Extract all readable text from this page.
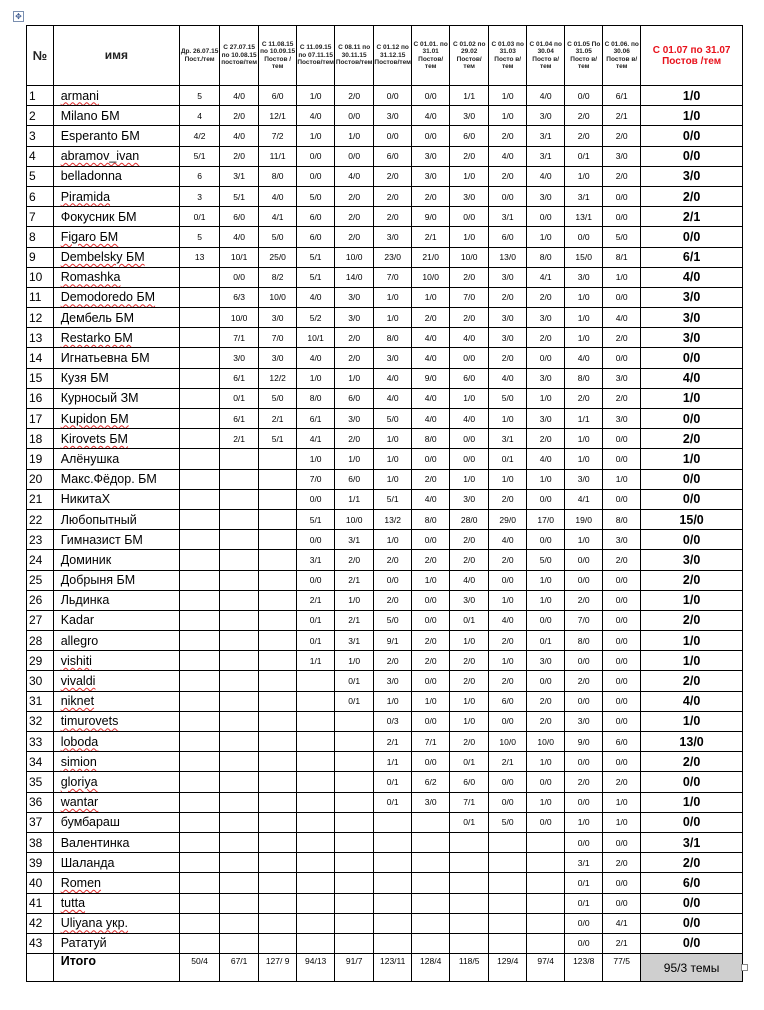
✥
№	имя	Др. 26.07.15 Пост./тем	С 27.07.15 по 10.08.15 постов/тем	С 11.08.15 по 10.09.15 Постов /тем	С 11.09.15 по 07.11.15 Постов/тем	С 08.11 по 30.11.15 Постов/тем	С 01.12 по 31.12.15 Постов/тем	С 01.01. по 31.01 Постов/ тем	С 01.02 по 29.02 Постов/ тем	С 01.03 по 31.03 Посто в/тем	С 01.04 по 30.04 Посто в/тем	С 01.05 По 31.05 Посто в/тем	С 01.06. по 30.06 Постов в/тем	С 01.07 по 31.07 Постов /тем
1	armani	5	4/0	6/0	1/0	2/0	0/0	0/0	1/1	1/0	4/0	0/0	6/1	1/0
2	Milano БМ	4	2/0	12/1	4/0	0/0	3/0	4/0	3/0	1/0	3/0	2/0	2/1	1/0
3	Esperanto БМ	4/2	4/0	7/2	1/0	1/0	0/0	0/0	6/0	2/0	3/1	2/0	2/0	0/0
4	abramov_ivan	5/1	2/0	11/1	0/0	0/0	6/0	3/0	2/0	4/0	3/1	0/1	3/0	0/0
5	belladonna	6	3/1	8/0	0/0	4/0	2/0	3/0	1/0	2/0	4/0	1/0	2/0	3/0
6	Piramida	3	5/1	4/0	5/0	2/0	2/0	2/0	3/0	0/0	3/0	3/1	0/0	2/0
7	Фокусник БМ	0/1	6/0	4/1	6/0	2/0	2/0	9/0	0/0	3/1	0/0	13/1	0/0	2/1
8	Figaro БМ	5	4/0	5/0	6/0	2/0	3/0	2/1	1/0	6/0	1/0	0/0	5/0	0/0
9	Dembelsky БМ	13	10/1	25/0	5/1	10/0	23/0	21/0	10/0	13/0	8/0	15/0	8/1	6/1
10	Romashka		0/0	8/2	5/1	14/0	7/0	10/0	2/0	3/0	4/1	3/0	1/0	4/0
11	Demodoredo БМ		6/3	10/0	4/0	3/0	1/0	1/0	7/0	2/0	2/0	1/0	0/0	3/0
12	Дембель БМ		10/0	3/0	5/2	3/0	1/0	2/0	2/0	3/0	3/0	1/0	4/0	3/0
13	Restarko БМ		7/1	7/0	10/1	2/0	8/0	4/0	4/0	3/0	2/0	1/0	2/0	3/0
14	Игнатьевна БМ		3/0	3/0	4/0	2/0	3/0	4/0	0/0	2/0	0/0	4/0	0/0	0/0
15	Кузя БМ		6/1	12/2	1/0	1/0	4/0	9/0	6/0	4/0	3/0	8/0	3/0	4/0
16	Курносый ЗМ		0/1	5/0	8/0	6/0	4/0	4/0	1/0	5/0	1/0	2/0	2/0	1/0
17	Kupidon БМ		6/1	2/1	6/1	3/0	5/0	4/0	4/0	1/0	3/0	1/1	3/0	0/0
18	Kirovets БМ		2/1	5/1	4/1	2/0	1/0	8/0	0/0	3/1	2/0	1/0	0/0	2/0
19	Алёнушка				1/0	1/0	1/0	0/0	0/0	0/1	4/0	1/0	0/0	1/0
20	Макс.Фёдор. БМ				7/0	6/0	1/0	2/0	1/0	1/0	1/0	3/0	1/0	0/0
21	НикитаХ				0/0	1/1	5/1	4/0	3/0	2/0	0/0	4/1	0/0	0/0
22	Любопытный				5/1	10/0	13/2	8/0	28/0	29/0	17/0	19/0	8/0	15/0
23	Гимназист БМ				0/0	3/1	1/0	0/0	2/0	4/0	0/0	1/0	3/0	0/0
24	Доминик				3/1	2/0	2/0	2/0	2/0	2/0	5/0	0/0	2/0	3/0
25	Добрыня БМ				0/0	2/1	0/0	1/0	4/0	0/0	1/0	0/0	0/0	2/0
26	Льдинка				2/1	1/0	2/0	0/0	3/0	1/0	1/0	2/0	0/0	1/0
27	Kadar				0/1	2/1	5/0	0/0	0/1	4/0	0/0	7/0	0/0	2/0
28	allegro				0/1	3/1	9/1	2/0	1/0	2/0	0/1	8/0	0/0	1/0
29	vishiti				1/1	1/0	2/0	2/0	2/0	1/0	3/0	0/0	0/0	1/0
30	vivaldi					0/1	3/0	0/0	2/0	2/0	0/0	2/0	0/0	2/0
31	niknet					0/1	1/0	1/0	1/0	6/0	2/0	0/0	0/0	4/0
32	timurovets						0/3	0/0	1/0	0/0	2/0	3/0	0/0	1/0
33	loboda						2/1	7/1	2/0	10/0	10/0	9/0	6/0	13/0
34	simion						1/1	0/0	0/1	2/1	1/0	0/0	0/0	2/0
35	gloriya						0/1	6/2	6/0	0/0	0/0	2/0	2/0	0/0
36	wantar						0/1	3/0	7/1	0/0	1/0	0/0	1/0	1/0
37	бумбараш								0/1	5/0	0/0	1/0	1/0	0/0
38	Валентинка											0/0	0/0	3/1
39	Шаланда											3/1	2/0	2/0
40	Romen											0/1	0/0	6/0
41	tutta											0/1	0/0	0/0
42	Uliyana укр.											0/0	4/1	0/0
43	Рататуй											0/0	2/1	0/0
	Итого	50/4	67/1	127/ 9	94/13	91/7	123/11	128/4	118/5	129/4	97/4	123/8	77/5	95/3 темы
